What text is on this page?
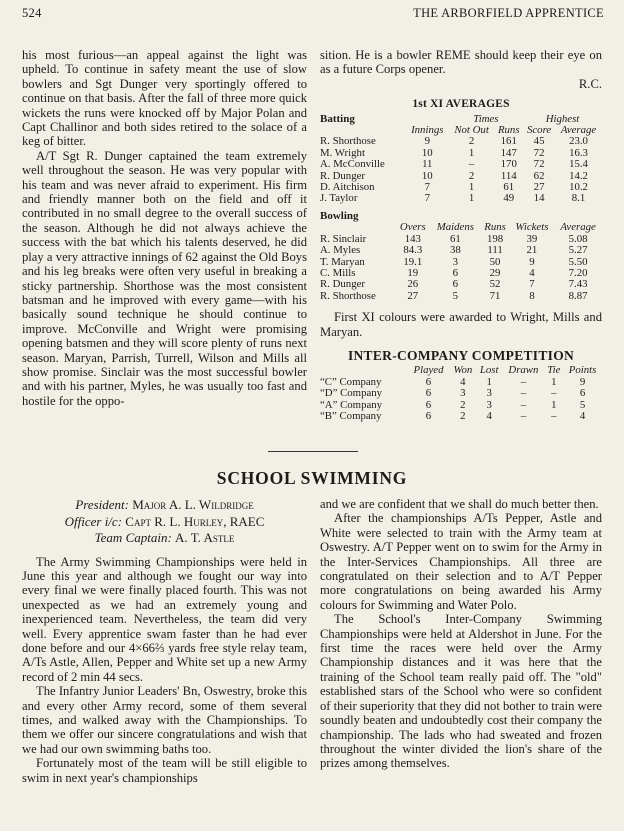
524	THE ARBORFIELD APPRENTICE

his most furious—an appeal against the light was upheld. To continue in safety meant the use of slow bowlers and Sgt Dunger very sportingly offered to continue on that basis. After the fall of three more quick wickets the runs were knocked off by Major Polan and Capt Challinor and both sides retired to the solace of a keg of bitter.

A/T Sgt R. Dunger captained the team extremely well throughout the season. He was very popular with his team and was never afraid to experiment. His firm and friendly manner both on the field and off it contributed in no small degree to the overall success of the season. Although he did not always achieve the success with the bat which his talents deserved, he did play a very attractive innings of 62 against the Old Boys and his leg breaks were often very useful in breaking a sticky partnership. Shorthose was the most consistent batsman and he improved with every game—with his basically sound technique he should continue to improve. McConville and Wright were promising opening batsmen and they will score plenty of runs next season. Maryan, Parrish, Turrell, Wilson and Mills all show promise. Sinclair was the most successful bowler and with his partner, Myles, he was usually too fast and hostile for the oppo-

sition. He is a bowler REME should keep their eye on as a future Corps opener.

R.C.
1st XI AVERAGES
Batting		Times		Highest		
	Innings	Not Out	Runs	Score	Average	
R. Shorthose	9	2	161	45	23.0	
M. Wright	10	1	147	72	16.3	
A. McConville	11	–	170	72	15.4	
R. Dunger	10	2	114	62	14.2	
D. Aitchison	7	1	61	27	10.2	
J. Taylor	7	1	49	14	8.1	
Bowling					
	Overs	Maidens	Runs	Wickets	Average
R. Sinclair	143	61	198	39	5.08
A. Myles	84.3	38	111	21	5.27
T. Maryan	19.1	3	50	9	5.50
C. Mills	19	6	29	4	7.20
R. Dunger	26	6	52	7	7.43
R. Shorthose	27	5	71	8	8.87

First XI colours were awarded to Wright, Mills and Maryan.

INTER-COMPANY COMPETITION
	Played	Won	Lost	Drawn	Tie	Points
“C” Company	6	4	1	–	1	9
“D” Company	6	3	3	–	–	6
“A” Company	6	2	3	–	1	5
“B” Company	6	2	4	–	–	4
SCHOOL SWIMMING
President: Major A. L. Wildridge
Officer i/c: Capt R. L. Hurley, RAEC
Team Captain: A. T. Astle

The Army Swimming Championships were held in June this year and although we fought our way into every final we were finally placed fourth. This was not unexpected as we had an extremely young and inexperienced team. Nevertheless, the team did very well. Every apprentice swam faster than he had ever done before and our 4×66⅔ yards free style relay team, A/Ts Astle, Allen, Pepper and White set up a new Army record of 2 min 44 secs.

The Infantry Junior Leaders' Bn, Oswestry, broke this and every other Army record, some of them several times, and walked away with the Championships. To them we offer our sincere congratulations and wish that we had our own swimming baths too.

Fortunately most of the team will be still eligible to swim in next year's championships

and we are confident that we shall do much better then.

After the championships A/Ts Pepper, Astle and White were selected to train with the Army team at Oswestry. A/T Pepper went on to swim for the Army in the Inter-Services Championships. All three are congratulated on their selection and to A/T Pepper more congratulations on being awarded his Army colours for Swimming and Water Polo.

The School's Inter-Company Swimming Championships were held at Aldershot in June. For the first time the races were held over the Army Championship distances and it was here that the training of the School team really paid off. The "old" established stars of the School who were so confident of their superiority that they did not bother to train were soundly beaten and undoubtedly cost their company the championship. The lads who had sweated and frozen throughout the winter divided the lion's share of the prizes among themselves.
